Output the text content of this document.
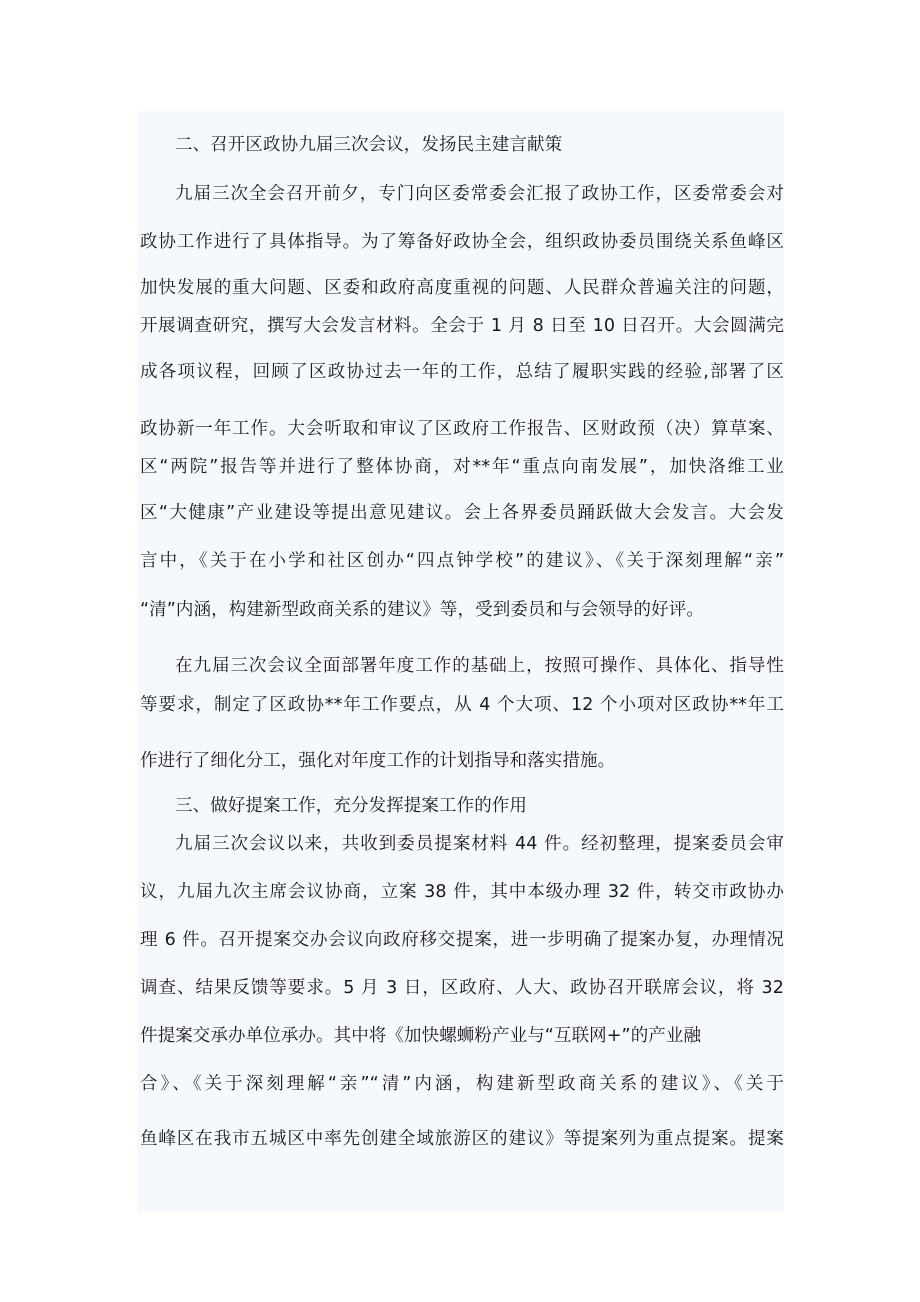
二、召开区政协九届三次会议，发扬民主建言献策

九届三次全会召开前夕，专门向区委常委会汇报了政协工作，区委常委会对

政协工作进行了具体指导。为了筹备好政协全会，组织政协委员围绕关系鱼峰区

加快发展的重大问题、区委和政府高度重视的问题、人民群众普遍关注的问题，

开展调查研究，撰写大会发言材料。全会于 1 月 8 日至 10 日召开。大会圆满完

成各项议程，回顾了区政协过去一年的工作，总结了履职实践的经验,部署了区

政协新一年工作。大会听取和审议了区政府工作报告、区财政预（决）算草案、

区“两院”报告等并进行了整体协商，对**年“重点向南发展”，加快洛维工业

区“大健康”产业建设等提出意见建议。会上各界委员踊跃做大会发言。大会发

言中，《关于在小学和社区创办“四点钟学校”的建议》、《关于深刻理解“亲”

“清”内涵，构建新型政商关系的建议》等，受到委员和与会领导的好评。

在九届三次会议全面部署年度工作的基础上，按照可操作、具体化、指导性

等要求，制定了区政协**年工作要点，从 4 个大项、12 个小项对区政协**年工

作进行了细化分工，强化对年度工作的计划指导和落实措施。

三、做好提案工作，充分发挥提案工作的作用

九届三次会议以来，共收到委员提案材料 44 件。经初整理，提案委员会审

议，九届九次主席会议协商，立案 38 件，其中本级办理 32 件，转交市政协办

理 6 件。召开提案交办会议向政府移交提案，进一步明确了提案办复，办理情况

调查、结果反馈等要求。5 月 3 日，区政府、人大、政协召开联席会议，将 32

件提案交承办单位承办。其中将《加快螺蛳粉产业与“互联网+”的产业融

合》、《关于深刻理解“亲”“清”内涵，构建新型政商关系的建议》、《关于

鱼峰区在我市五城区中率先创建全域旅游区的建议》等提案列为重点提案。提案
